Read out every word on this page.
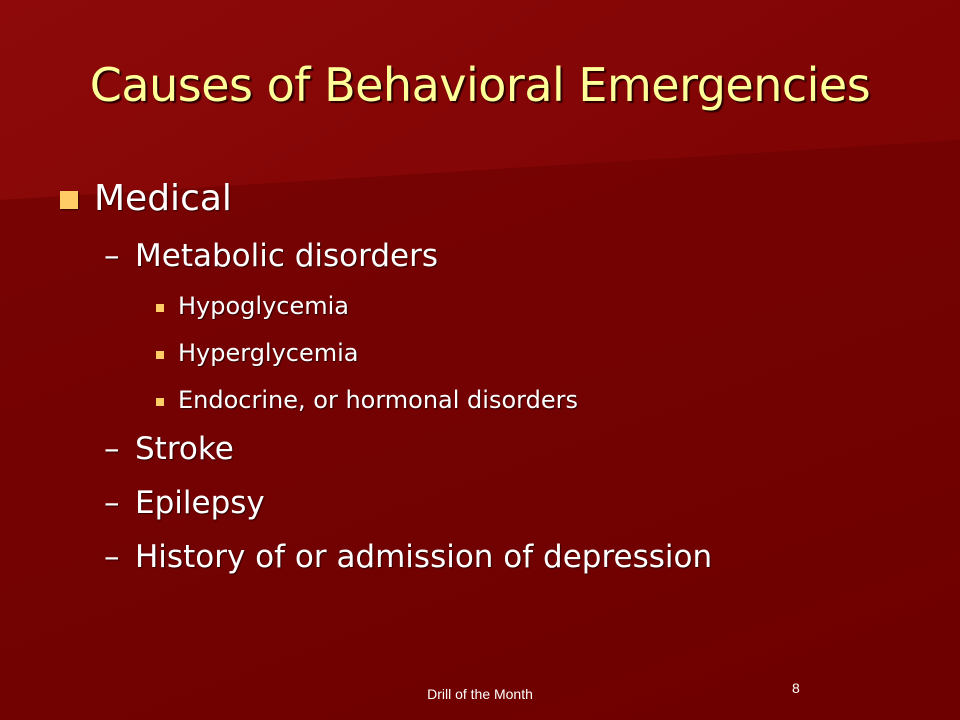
Causes of Behavioral Emergencies
Medical
– Metabolic disorders
Hypoglycemia
Hyperglycemia
Endocrine, or hormonal disorders
– Stroke
– Epilepsy
– History of or admission of depression
Drill of the Month	8
